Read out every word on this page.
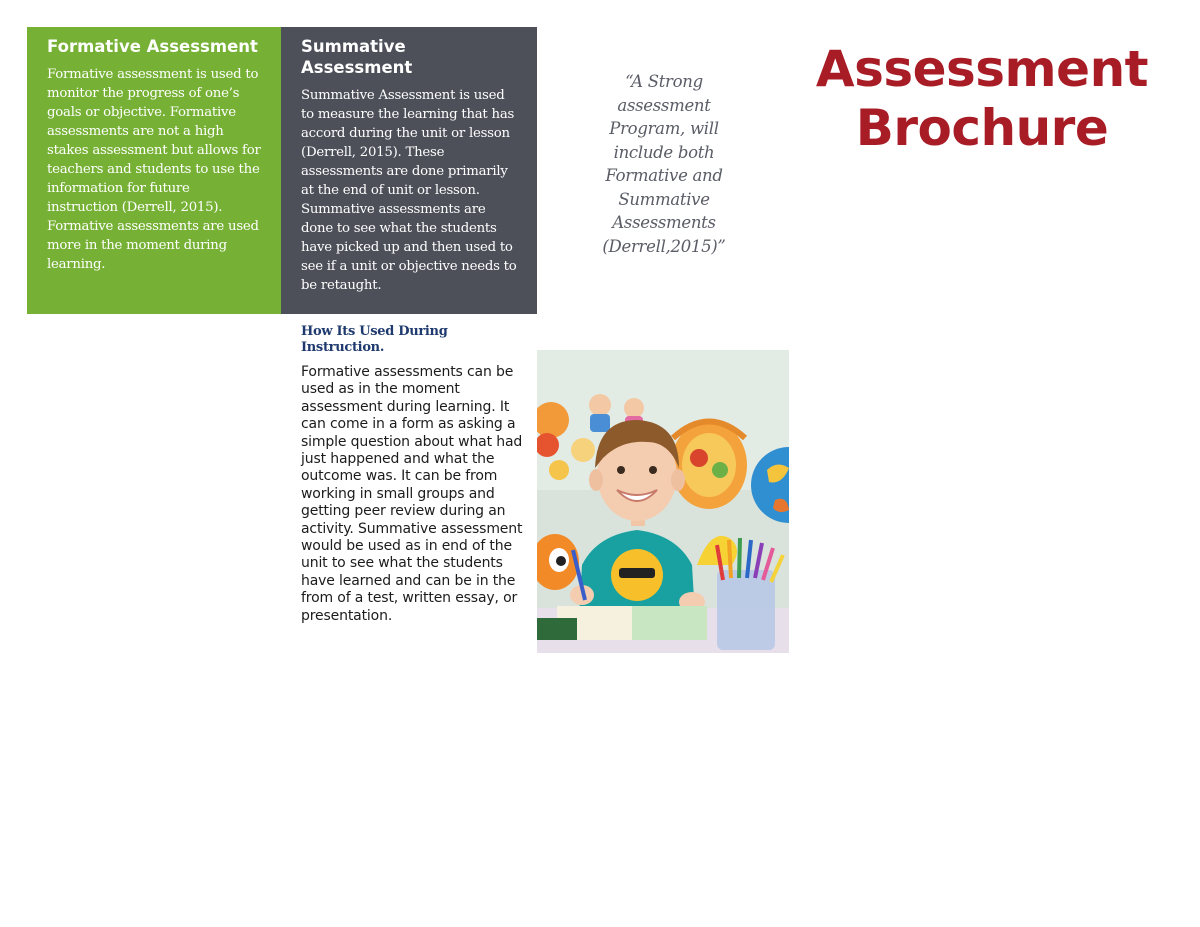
Formative Assessment

Formative assessment is used to monitor the progress of one’s goals or objective. Formative assessments are not a high stakes assessment but allows for teachers and students to use the information for future instruction (Derrell, 2015). Formative assessments are used more in the moment during learning.

Summative Assessment

Summative Assessment is used to measure the learning that has accord during the unit or lesson (Derrell, 2015). These assessments are done primarily at the end of unit or lesson. Summative assessments are done to see what the students have picked up and then used to see if a unit or objective needs to be retaught.

“A Strong assessment Program, will include both Formative and Summative Assessments (Derrell,2015)”

Assessment Brochure
How Its Used During Instruction.

Formative assessments can be used as in the moment assessment during learning. It can come in a form as asking a simple question about what had just happened and what the outcome was. It can be from working in small groups and getting peer review during an activity. Summative assessment would be used as in end of the unit to see what the students have learned and can be in the from of a test, written essay, or presentation.
